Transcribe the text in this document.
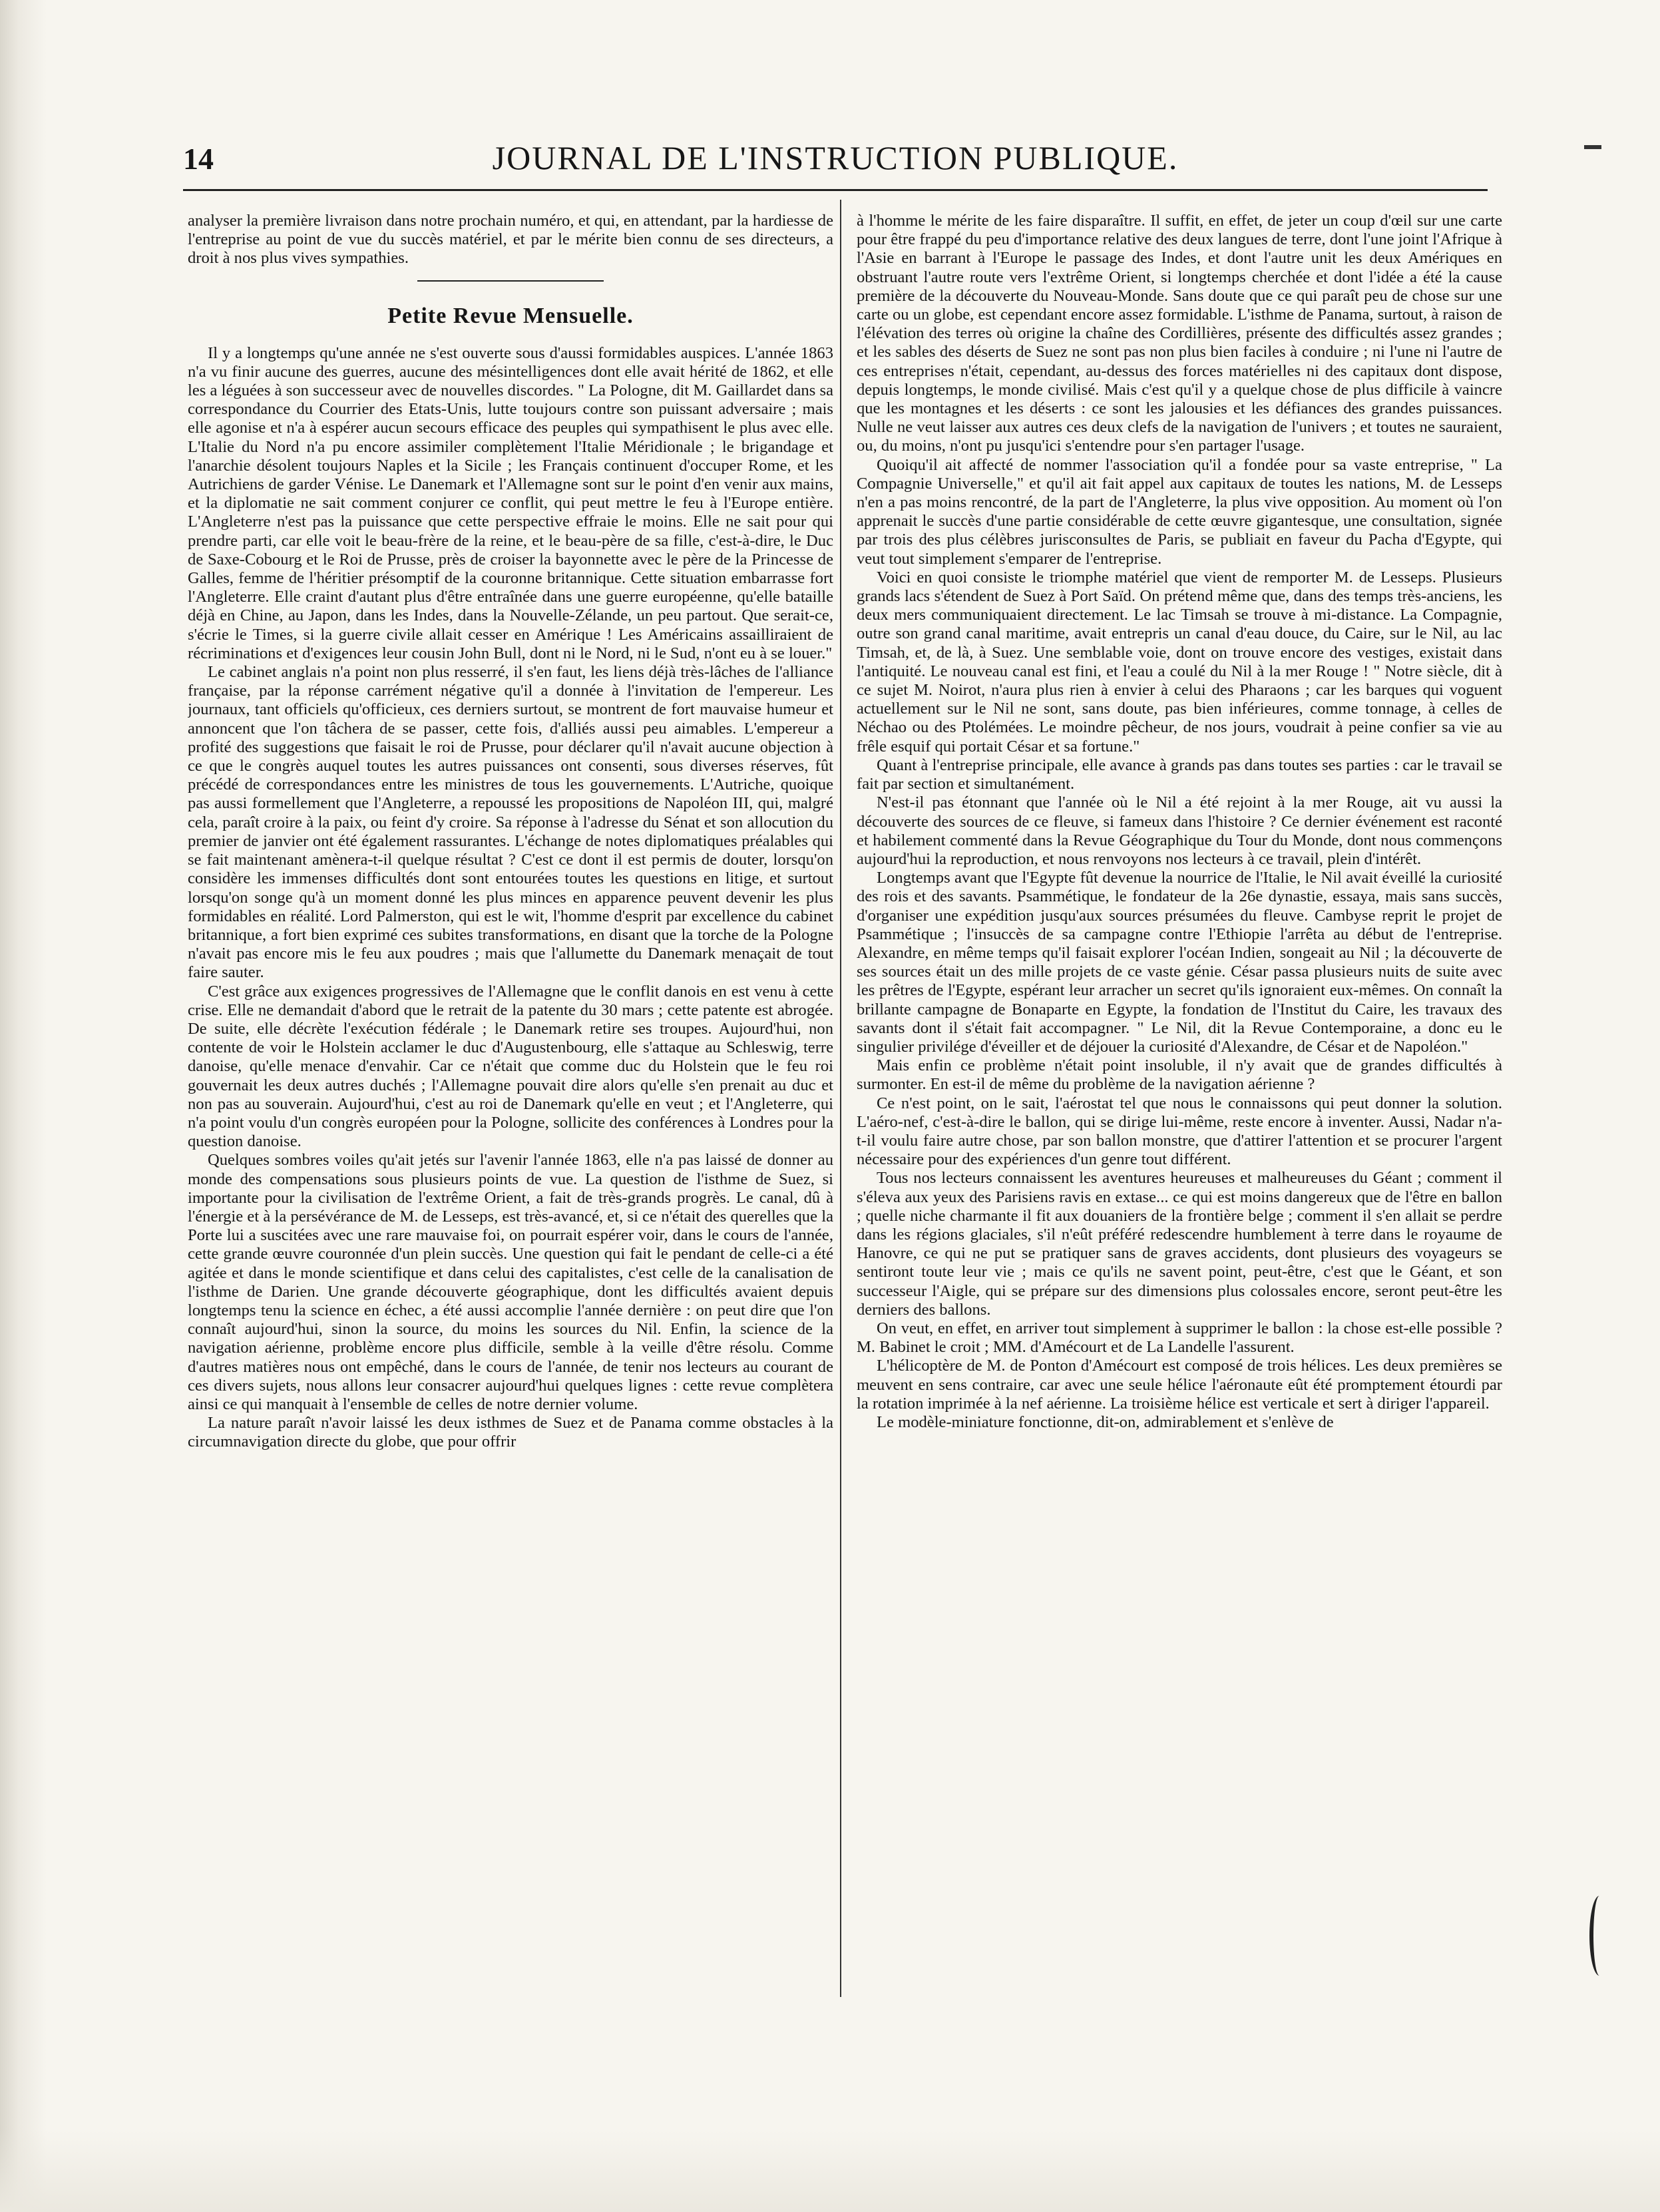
14	JOURNAL DE L'INSTRUCTION PUBLIQUE.

analyser la première livraison dans notre prochain numéro, et qui, en attendant, par la hardiesse de l'entreprise au point de vue du succès matériel, et par le mérite bien connu de ses directeurs, a droit à nos plus vives sympathies.

Petite Revue Mensuelle.

Il y a longtemps qu'une année ne s'est ouverte sous d'aussi formidables auspices. L'année 1863 n'a vu finir aucune des guerres, aucune des mésintelligences dont elle avait hérité de 1862, et elle les a léguées à son successeur avec de nouvelles discordes. " La Pologne, dit M. Gaillardet dans sa correspondance du Courrier des Etats-Unis, lutte toujours contre son puissant adversaire ; mais elle agonise et n'a à espérer aucun secours efficace des peuples qui sympathisent le plus avec elle. L'Italie du Nord n'a pu encore assimiler complètement l'Italie Méridionale ; le brigandage et l'anarchie désolent toujours Naples et la Sicile ; les Français continuent d'occuper Rome, et les Autrichiens de garder Vénise. Le Danemark et l'Allemagne sont sur le point d'en venir aux mains, et la diplomatie ne sait comment conjurer ce conflit, qui peut mettre le feu à l'Europe entière. L'Angleterre n'est pas la puissance que cette perspective effraie le moins. Elle ne sait pour qui prendre parti, car elle voit le beau-frère de la reine, et le beau-père de sa fille, c'est-à-dire, le Duc de Saxe-Cobourg et le Roi de Prusse, près de croiser la bayonnette avec le père de la Princesse de Galles, femme de l'héritier présomptif de la couronne britannique. Cette situation embarrasse fort l'Angleterre. Elle craint d'autant plus d'être entraînée dans une guerre européenne, qu'elle bataille déjà en Chine, au Japon, dans les Indes, dans la Nouvelle-Zélande, un peu partout. Que serait-ce, s'écrie le Times, si la guerre civile allait cesser en Amérique ! Les Américains assailliraient de récriminations et d'exigences leur cousin John Bull, dont ni le Nord, ni le Sud, n'ont eu à se louer."

Le cabinet anglais n'a point non plus resserré, il s'en faut, les liens déjà très-lâches de l'alliance française, par la réponse carrément négative qu'il a donnée à l'invitation de l'empereur. Les journaux, tant officiels qu'officieux, ces derniers surtout, se montrent de fort mauvaise humeur et annoncent que l'on tâchera de se passer, cette fois, d'alliés aussi peu aimables. L'empereur a profité des suggestions que faisait le roi de Prusse, pour déclarer qu'il n'avait aucune objection à ce que le congrès auquel toutes les autres puissances ont consenti, sous diverses réserves, fût précédé de correspondances entre les ministres de tous les gouvernements. L'Autriche, quoique pas aussi formellement que l'Angleterre, a repoussé les propositions de Napoléon III, qui, malgré cela, paraît croire à la paix, ou feint d'y croire. Sa réponse à l'adresse du Sénat et son allocution du premier de janvier ont été également rassurantes. L'échange de notes diplomatiques préalables qui se fait maintenant amènera-t-il quelque résultat ? C'est ce dont il est permis de douter, lorsqu'on considère les immenses difficultés dont sont entourées toutes les questions en litige, et surtout lorsqu'on songe qu'à un moment donné les plus minces en apparence peuvent devenir les plus formidables en réalité. Lord Palmerston, qui est le wit, l'homme d'esprit par excellence du cabinet britannique, a fort bien exprimé ces subites transformations, en disant que la torche de la Pologne n'avait pas encore mis le feu aux poudres ; mais que l'allumette du Danemark menaçait de tout faire sauter.

C'est grâce aux exigences progressives de l'Allemagne que le conflit danois en est venu à cette crise. Elle ne demandait d'abord que le retrait de la patente du 30 mars ; cette patente est abrogée. De suite, elle décrète l'exécution fédérale ; le Danemark retire ses troupes. Aujourd'hui, non contente de voir le Holstein acclamer le duc d'Augustenbourg, elle s'attaque au Schleswig, terre danoise, qu'elle menace d'envahir. Car ce n'était que comme duc du Holstein que le feu roi gouvernait les deux autres duchés ; l'Allemagne pouvait dire alors qu'elle s'en prenait au duc et non pas au souverain. Aujourd'hui, c'est au roi de Danemark qu'elle en veut ; et l'Angleterre, qui n'a point voulu d'un congrès européen pour la Pologne, sollicite des conférences à Londres pour la question danoise.

Quelques sombres voiles qu'ait jetés sur l'avenir l'année 1863, elle n'a pas laissé de donner au monde des compensations sous plusieurs points de vue. La question de l'isthme de Suez, si importante pour la civilisation de l'extrême Orient, a fait de très-grands progrès. Le canal, dû à l'énergie et à la persévérance de M. de Lesseps, est très-avancé, et, si ce n'était des querelles que la Porte lui a suscitées avec une rare mauvaise foi, on pourrait espérer voir, dans le cours de l'année, cette grande œuvre couronnée d'un plein succès. Une question qui fait le pendant de celle-ci a été agitée et dans le monde scientifique et dans celui des capitalistes, c'est celle de la canalisation de l'isthme de Darien. Une grande découverte géographique, dont les difficultés avaient depuis longtemps tenu la science en échec, a été aussi accomplie l'année dernière : on peut dire que l'on connaît aujourd'hui, sinon la source, du moins les sources du Nil. Enfin, la science de la navigation aérienne, problème encore plus difficile, semble à la veille d'être résolu. Comme d'autres matières nous ont empêché, dans le cours de l'année, de tenir nos lecteurs au courant de ces divers sujets, nous allons leur consacrer aujourd'hui quelques lignes : cette revue complètera ainsi ce qui manquait à l'ensemble de celles de notre dernier volume.

La nature paraît n'avoir laissé les deux isthmes de Suez et de Panama comme obstacles à la circumnavigation directe du globe, que pour offrir

à l'homme le mérite de les faire disparaître. Il suffit, en effet, de jeter un coup d'œil sur une carte pour être frappé du peu d'importance relative des deux langues de terre, dont l'une joint l'Afrique à l'Asie en barrant à l'Europe le passage des Indes, et dont l'autre unit les deux Amériques en obstruant l'autre route vers l'extrême Orient, si longtemps cherchée et dont l'idée a été la cause première de la découverte du Nouveau-Monde. Sans doute que ce qui paraît peu de chose sur une carte ou un globe, est cependant encore assez formidable. L'isthme de Panama, surtout, à raison de l'élévation des terres où origine la chaîne des Cordillières, présente des difficultés assez grandes ; et les sables des déserts de Suez ne sont pas non plus bien faciles à conduire ; ni l'une ni l'autre de ces entreprises n'était, cependant, au-dessus des forces matérielles ni des capitaux dont dispose, depuis longtemps, le monde civilisé. Mais c'est qu'il y a quelque chose de plus difficile à vaincre que les montagnes et les déserts : ce sont les jalousies et les défiances des grandes puissances. Nulle ne veut laisser aux autres ces deux clefs de la navigation de l'univers ; et toutes ne sauraient, ou, du moins, n'ont pu jusqu'ici s'entendre pour s'en partager l'usage.

Quoiqu'il ait affecté de nommer l'association qu'il a fondée pour sa vaste entreprise, " La Compagnie Universelle," et qu'il ait fait appel aux capitaux de toutes les nations, M. de Lesseps n'en a pas moins rencontré, de la part de l'Angleterre, la plus vive opposition. Au moment où l'on apprenait le succès d'une partie considérable de cette œuvre gigantesque, une consultation, signée par trois des plus célèbres jurisconsultes de Paris, se publiait en faveur du Pacha d'Egypte, qui veut tout simplement s'emparer de l'entreprise.

Voici en quoi consiste le triomphe matériel que vient de remporter M. de Lesseps. Plusieurs grands lacs s'étendent de Suez à Port Saïd. On prétend même que, dans des temps très-anciens, les deux mers communiquaient directement. Le lac Timsah se trouve à mi-distance. La Compagnie, outre son grand canal maritime, avait entrepris un canal d'eau douce, du Caire, sur le Nil, au lac Timsah, et, de là, à Suez. Une semblable voie, dont on trouve encore des vestiges, existait dans l'antiquité. Le nouveau canal est fini, et l'eau a coulé du Nil à la mer Rouge ! " Notre siècle, dit à ce sujet M. Noirot, n'aura plus rien à envier à celui des Pharaons ; car les barques qui voguent actuellement sur le Nil ne sont, sans doute, pas bien inférieures, comme tonnage, à celles de Néchao ou des Ptolémées. Le moindre pêcheur, de nos jours, voudrait à peine confier sa vie au frêle esquif qui portait César et sa fortune."

Quant à l'entreprise principale, elle avance à grands pas dans toutes ses parties : car le travail se fait par section et simultanément.

N'est-il pas étonnant que l'année où le Nil a été rejoint à la mer Rouge, ait vu aussi la découverte des sources de ce fleuve, si fameux dans l'histoire ? Ce dernier événement est raconté et habilement commenté dans la Revue Géographique du Tour du Monde, dont nous commençons aujourd'hui la reproduction, et nous renvoyons nos lecteurs à ce travail, plein d'intérêt.

Longtemps avant que l'Egypte fût devenue la nourrice de l'Italie, le Nil avait éveillé la curiosité des rois et des savants. Psammétique, le fondateur de la 26e dynastie, essaya, mais sans succès, d'organiser une expédition jusqu'aux sources présumées du fleuve. Cambyse reprit le projet de Psammétique ; l'insuccès de sa campagne contre l'Ethiopie l'arrêta au début de l'entreprise. Alexandre, en même temps qu'il faisait explorer l'océan Indien, songeait au Nil ; la découverte de ses sources était un des mille projets de ce vaste génie. César passa plusieurs nuits de suite avec les prêtres de l'Egypte, espérant leur arracher un secret qu'ils ignoraient eux-mêmes. On connaît la brillante campagne de Bonaparte en Egypte, la fondation de l'Institut du Caire, les travaux des savants dont il s'était fait accompagner. " Le Nil, dit la Revue Contemporaine, a donc eu le singulier privilége d'éveiller et de déjouer la curiosité d'Alexandre, de César et de Napoléon."

Mais enfin ce problème n'était point insoluble, il n'y avait que de grandes difficultés à surmonter. En est-il de même du problème de la navigation aérienne ?

Ce n'est point, on le sait, l'aérostat tel que nous le connaissons qui peut donner la solution. L'aéro-nef, c'est-à-dire le ballon, qui se dirige lui-même, reste encore à inventer. Aussi, Nadar n'a-t-il voulu faire autre chose, par son ballon monstre, que d'attirer l'attention et se procurer l'argent nécessaire pour des expériences d'un genre tout différent.

Tous nos lecteurs connaissent les aventures heureuses et malheureuses du Géant ; comment il s'éleva aux yeux des Parisiens ravis en extase... ce qui est moins dangereux que de l'être en ballon ; quelle niche charmante il fit aux douaniers de la frontière belge ; comment il s'en allait se perdre dans les régions glaciales, s'il n'eût préféré redescendre humblement à terre dans le royaume de Hanovre, ce qui ne put se pratiquer sans de graves accidents, dont plusieurs des voyageurs se sentiront toute leur vie ; mais ce qu'ils ne savent point, peut-être, c'est que le Géant, et son successeur l'Aigle, qui se prépare sur des dimensions plus colossales encore, seront peut-être les derniers des ballons.

On veut, en effet, en arriver tout simplement à supprimer le ballon : la chose est-elle possible ? M. Babinet le croit ; MM. d'Amécourt et de La Landelle l'assurent.

L'hélicoptère de M. de Ponton d'Amécourt est composé de trois hélices. Les deux premières se meuvent en sens contraire, car avec une seule hélice l'aéronaute eût été promptement étourdi par la rotation imprimée à la nef aérienne. La troisième hélice est verticale et sert à diriger l'appareil.

Le modèle-miniature fonctionne, dit-on, admirablement et s'enlève de
